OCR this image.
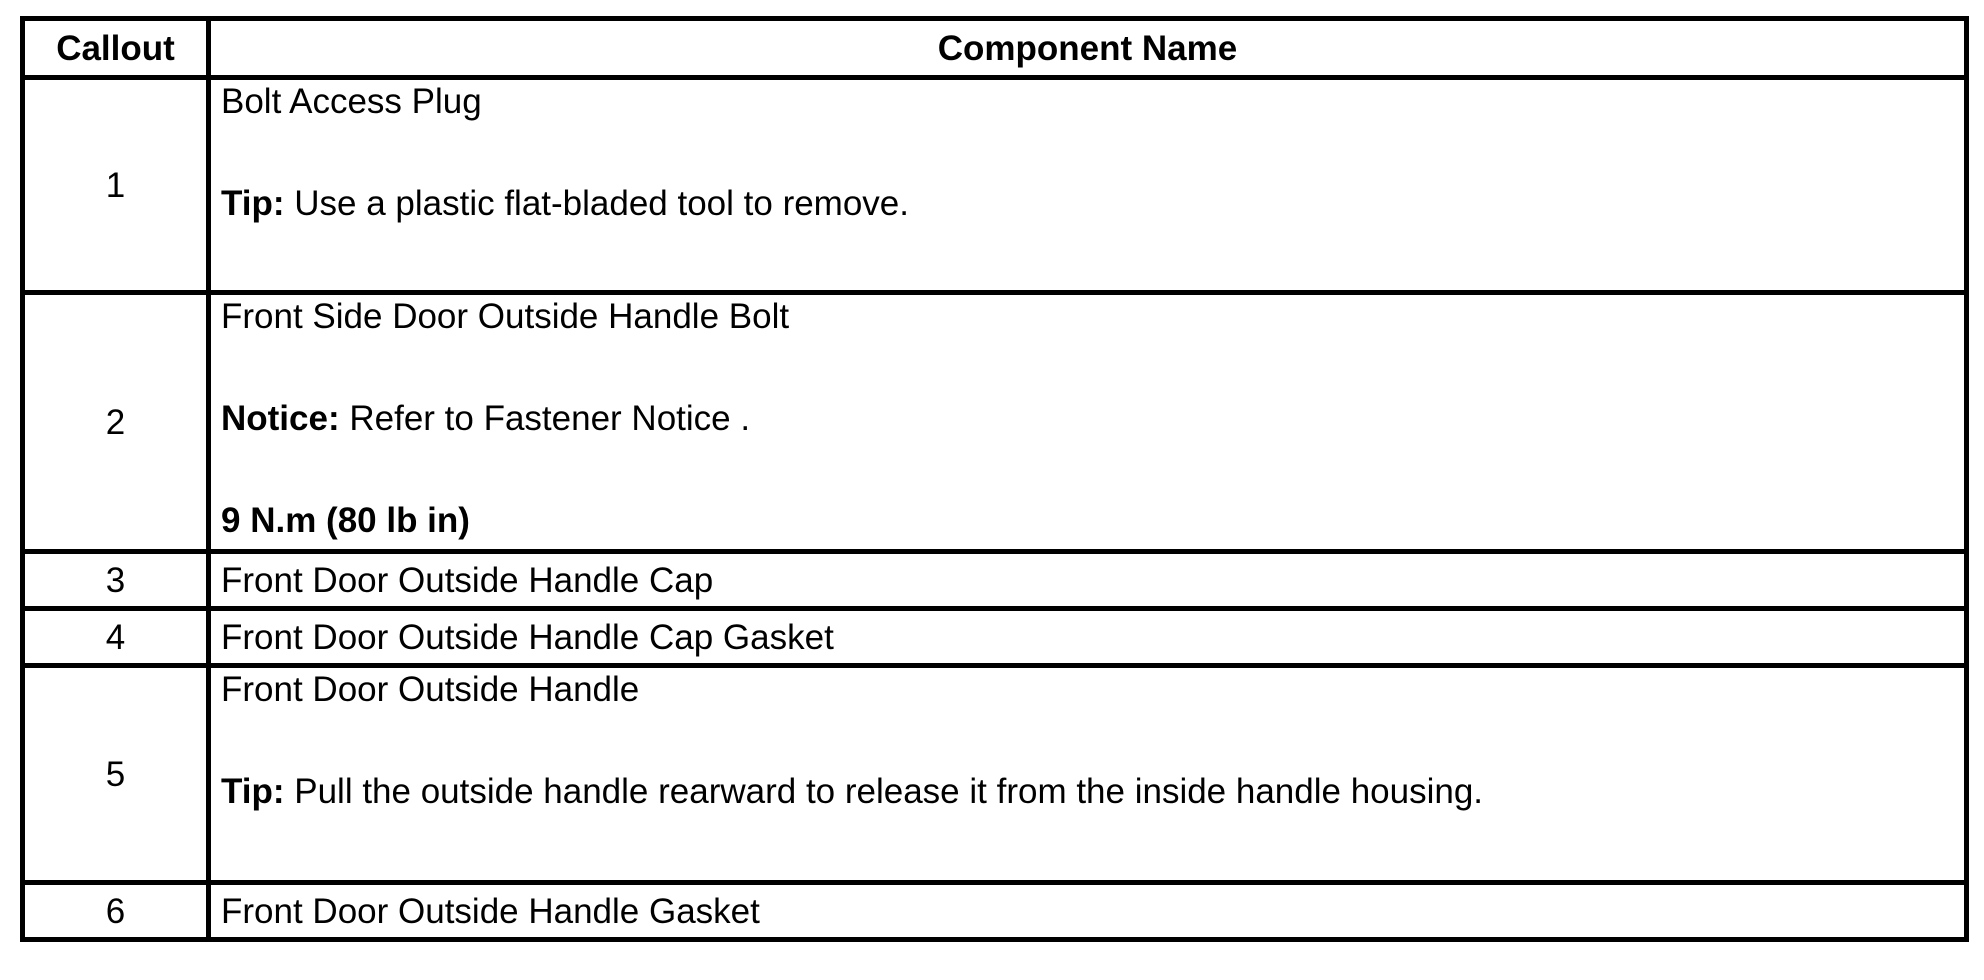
Callout	Component Name
1	Bolt Access Plug
Tip: Use a plastic flat-bladed tool to remove.

2	Front Side Door Outside Handle Bolt
Notice: Refer to Fastener Notice .
9 N.m (80 lb in)

3	Front Door Outside Handle Cap
4	Front Door Outside Handle Cap Gasket
5	Front Door Outside Handle
Tip: Pull the outside handle rearward to release it from the inside handle housing.

6	Front Door Outside Handle Gasket
